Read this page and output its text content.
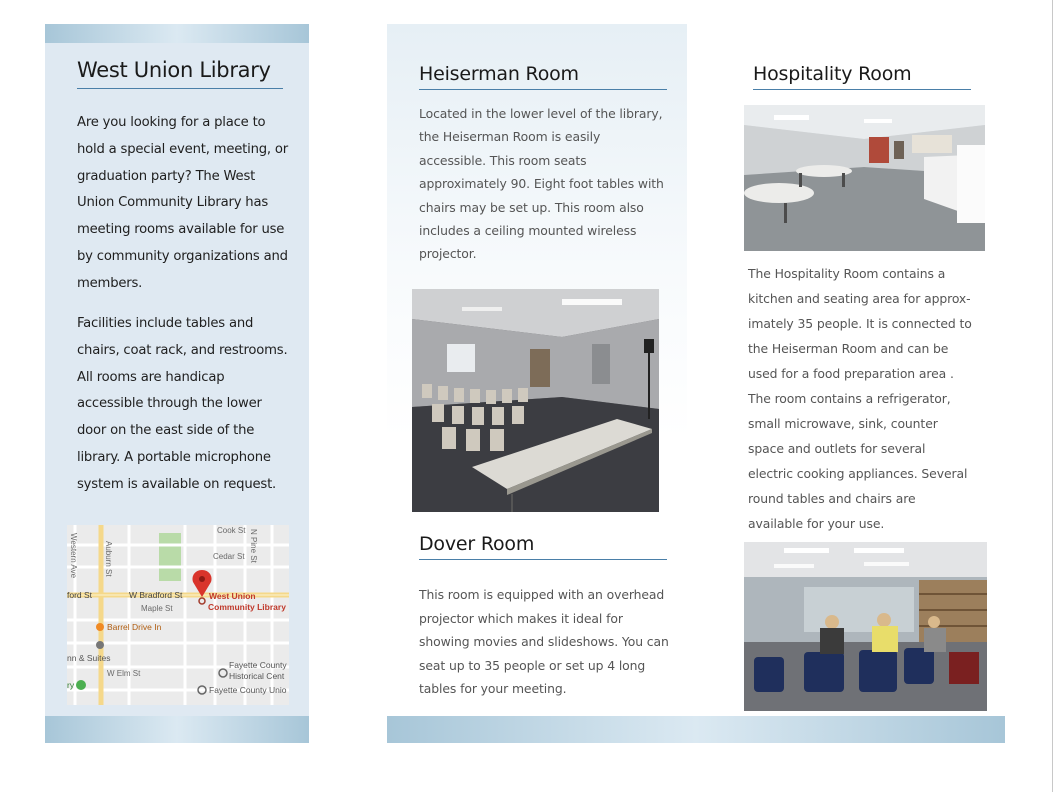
West Union Library
Are you looking for a place to hold a special event, meeting, or graduation party? The West Union Community Library has meeting rooms available for use by community organizations and members.
Facilities include tables and chairs, coat rack, and restrooms. All rooms are handicap accessible through the lower door on the east side of the library. A portable microphone system is available on request.
Cook St
Cedar St N Pine St
Western Ave	Auburn St
W Bradford St
ford St
Maple St
W Elm St
West Union
Community Library
Barrel Drive In
nn & Suites
Fayette County
Historical Cent
Fayette County Unio
ry
Heiserman Room
Located in the lower level of the library, the Heiserman Room is easily accessible. This room seats approximately 90. Eight foot tables with chairs may be set up. This room also includes a ceiling mounted wireless projector.
Dover Room
This room is equipped with an overhead projector which makes it ideal for showing movies and slideshows. You can seat up to 35 people or set up 4 long tables for your meeting.
Hospitality Room
The Hospitality Room contains a kitchen and seating area for approx-imately 35 people. It is connected to the Heiserman Room and can be used for a food preparation area . The room contains a refrigerator, small microwave, sink, counter space and outlets for several electric cooking appliances. Several round tables and chairs are available for your use.
